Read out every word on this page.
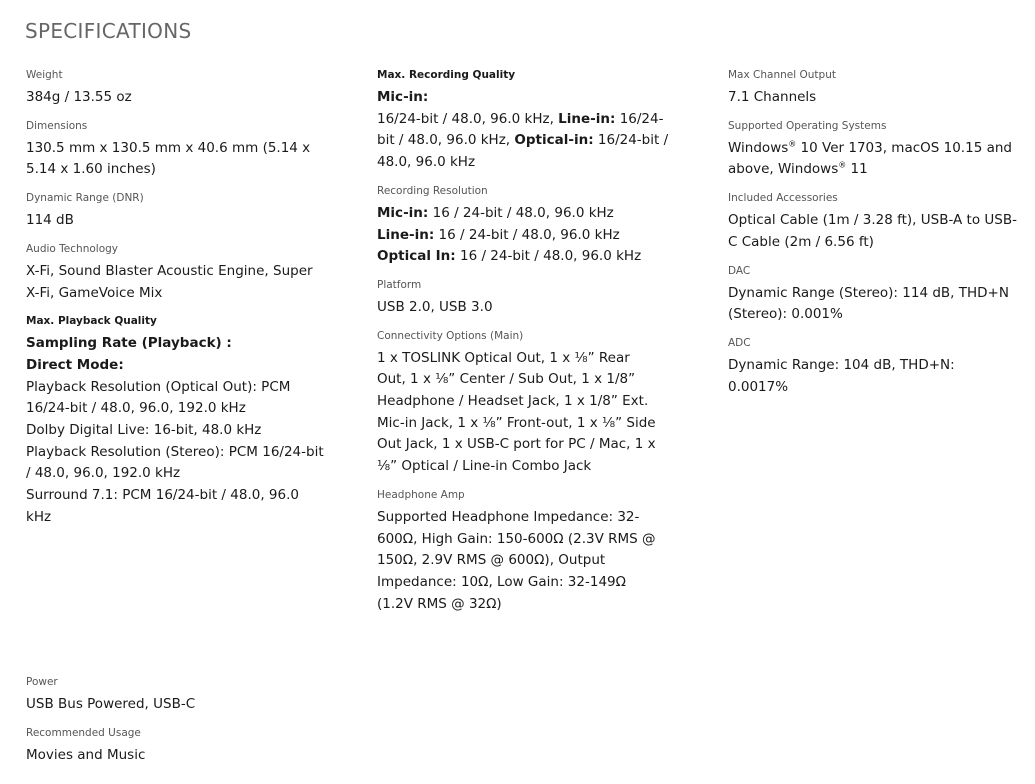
SPECIFICATIONS
Weight
384g / 13.55 oz
Dimensions
130.5 mm x 130.5 mm x 40.6 mm (5.14 x 5.14 x 1.60 inches)
Dynamic Range (DNR)
114 dB
Audio Technology
X-Fi, Sound Blaster Acoustic Engine, Super X-Fi, GameVoice Mix
Max. Playback Quality
Sampling Rate (Playback) :
Direct Mode:
Playback Resolution (Optical Out): PCM 16/24-bit / 48.0, 96.0, 192.0 kHz
Dolby Digital Live: 16-bit, 48.0 kHz
Playback Resolution (Stereo): PCM 16/24-bit / 48.0, 96.0, 192.0 kHz
Surround 7.1: PCM 16/24-bit / 48.0, 96.0 kHz
Power
USB Bus Powered, USB-C
Recommended Usage
Movies and Music
Max. Recording Quality
Mic-in:
16/24-bit / 48.0, 96.0 kHz, Line-in: 16/24-bit / 48.0, 96.0 kHz, Optical-in: 16/24-bit / 48.0, 96.0 kHz
Recording Resolution
Mic-in: 16 / 24-bit / 48.0, 96.0 kHz
Line-in: 16 / 24-bit / 48.0, 96.0 kHz
Optical In: 16 / 24-bit / 48.0, 96.0 kHz
Platform
USB 2.0, USB 3.0
Connectivity Options (Main)
1 x TOSLINK Optical Out, 1 x ⅛” Rear Out, 1 x ⅛” Center / Sub Out, 1 x 1/8” Headphone / Headset Jack, 1 x 1/8” Ext. Mic-in Jack, 1 x ⅛” Front-out, 1 x ⅛” Side Out Jack, 1 x USB-C port for PC / Mac, 1 x ⅛” Optical / Line-in Combo Jack
Headphone Amp
Supported Headphone Impedance: 32-600Ω, High Gain: 150-600Ω (2.3V RMS @ 150Ω, 2.9V RMS @ 600Ω), Output Impedance: 10Ω, Low Gain: 32-149Ω (1.2V RMS @ 32Ω)
Max Channel Output
7.1 Channels
Supported Operating Systems
Windows® 10 Ver 1703, macOS 10.15 and above, Windows® 11
Included Accessories
Optical Cable (1m / 3.28 ft), USB-A to USB-C Cable (2m / 6.56 ft)
DAC
Dynamic Range (Stereo): 114 dB, THD+N (Stereo): 0.001%
ADC
Dynamic Range: 104 dB, THD+N: 0.0017%
